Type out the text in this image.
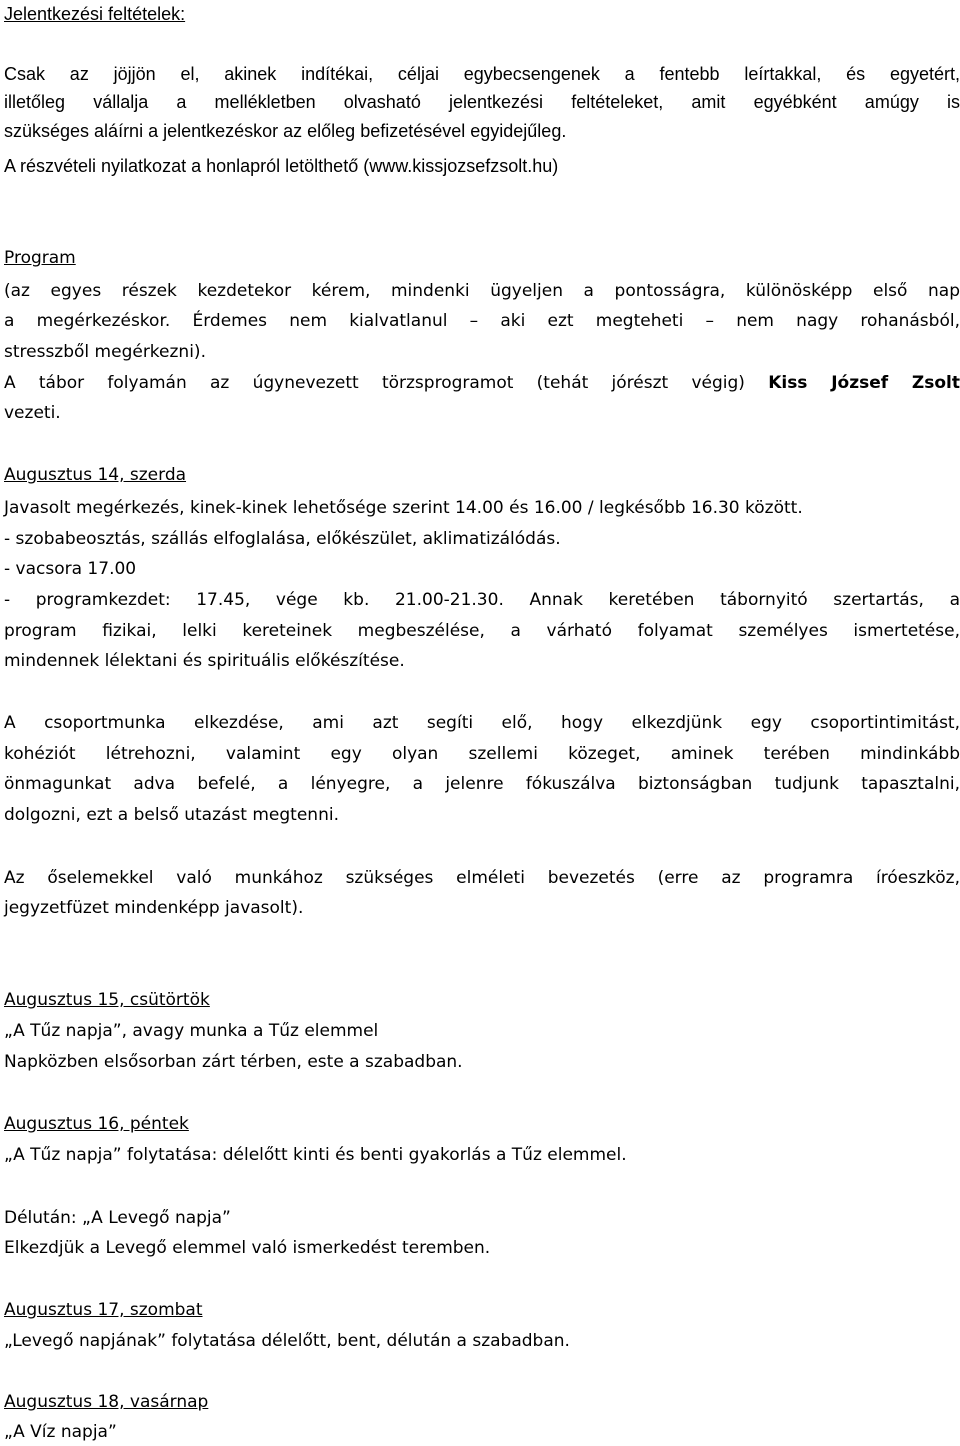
Jelentkezési feltételek:

Csak az jöjjön el, akinek indítékai, céljai egybecsengenek a fentebb leírtakkal, és egyetért,

illetőleg vállalja a mellékletben olvasható jelentkezési feltételeket, amit egyébként amúgy is

szükséges aláírni a jelentkezéskor az előleg befizetésével egyidejűleg.

A részvételi nyilatkozat a honlapról letölthető (www.kissjozsefzsolt.hu)

Program

(az egyes részek kezdetekor kérem, mindenki ügyeljen a pontosságra, különösképp első nap

a megérkezéskor. Érdemes nem kialvatlanul – aki ezt megteheti – nem nagy rohanásból,

stresszből megérkezni).

A tábor folyamán az úgynevezett törzsprogramot (tehát jórészt végig) Kiss József Zsolt

vezeti.

Augusztus 14, szerda

Javasolt megérkezés, kinek-kinek lehetősége szerint 14.00 és 16.00 / legkésőbb 16.30 között.

- szobabeosztás, szállás elfoglalása, előkészület, aklimatizálódás.

- vacsora 17.00

- programkezdet: 17.45, vége kb. 21.00-21.30. Annak keretében tábornyitó szertartás, a

program fizikai, lelki kereteinek megbeszélése, a várható folyamat személyes ismertetése,

mindennek lélektani és spirituális előkészítése.

A csoportmunka elkezdése, ami azt segíti elő, hogy elkezdjünk egy csoportintimitást,

kohéziót létrehozni, valamint egy olyan szellemi közeget, aminek terében mindinkább

önmagunkat adva befelé, a lényegre, a jelenre fókuszálva biztonságban tudjunk tapasztalni,

dolgozni, ezt a belső utazást megtenni.

Az őselemekkel való munkához szükséges elméleti bevezetés (erre az programra íróeszköz,

jegyzetfüzet mindenképp javasolt).

Augusztus 15, csütörtök

„A Tűz napja”, avagy munka a Tűz elemmel

Napközben elsősorban zárt térben, este a szabadban.

Augusztus 16, péntek

„A Tűz napja” folytatása: délelőtt kinti és benti gyakorlás a Tűz elemmel.

Délután: „A Levegő napja”

Elkezdjük a Levegő elemmel való ismerkedést teremben.

Augusztus 17, szombat

„Levegő napjának” folytatása délelőtt, bent, délután a szabadban.

Augusztus 18, vasárnap

„A Víz napja”
